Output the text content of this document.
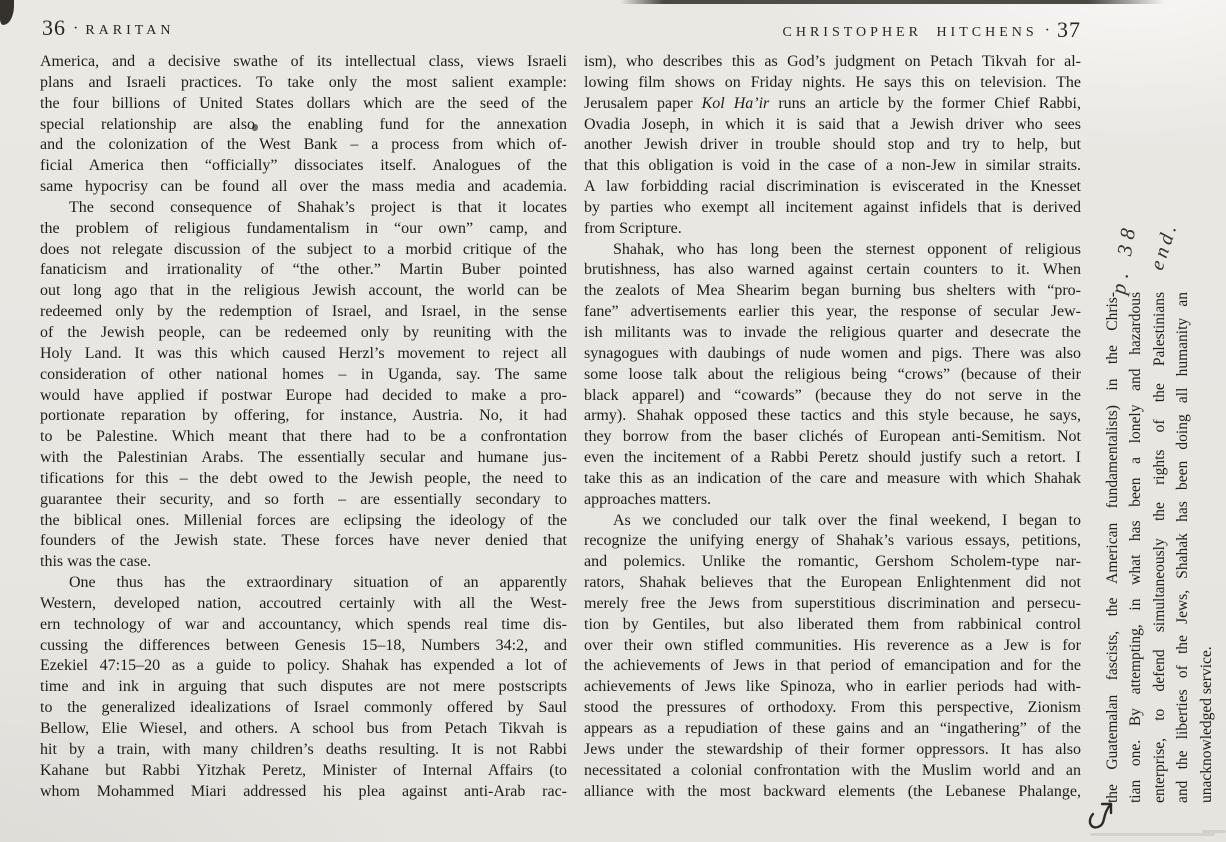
36 · RARITAN	CHRISTOPHER HITCHENS · 37
America, and a decisive swathe of its intellectual class, views Israeli
plans and Israeli practices. To take only the most salient example:
the four billions of United States dollars which are the seed of the
special relationship are also the enabling fund for the annexation
and the colonization of the West Bank – a process from which of-
ficial America then “officially” dissociates itself. Analogues of the
same hypocrisy can be found all over the mass media and academia.
The second consequence of Shahak’s project is that it locates
the problem of religious fundamentalism in “our own” camp, and
does not relegate discussion of the subject to a morbid critique of the
fanaticism and irrationality of “the other.” Martin Buber pointed
out long ago that in the religious Jewish account, the world can be
redeemed only by the redemption of Israel, and Israel, in the sense
of the Jewish people, can be redeemed only by reuniting with the
Holy Land. It was this which caused Herzl’s movement to reject all
consideration of other national homes – in Uganda, say. The same
would have applied if postwar Europe had decided to make a pro-
portionate reparation by offering, for instance, Austria. No, it had
to be Palestine. Which meant that there had to be a confrontation
with the Palestinian Arabs. The essentially secular and humane jus-
tifications for this – the debt owed to the Jewish people, the need to
guarantee their security, and so forth – are essentially secondary to
the biblical ones. Millenial forces are eclipsing the ideology of the
founders of the Jewish state. These forces have never denied that
this was the case.
One thus has the extraordinary situation of an apparently
Western, developed nation, accoutred certainly with all the West-
ern technology of war and accountancy, which spends real time dis-
cussing the differences between Genesis 15–18, Numbers 34:2, and
Ezekiel 47:15–20 as a guide to policy. Shahak has expended a lot of
time and ink in arguing that such disputes are not mere postscripts
to the generalized idealizations of Israel commonly offered by Saul
Bellow, Elie Wiesel, and others. A school bus from Petach Tikvah is
hit by a train, with many children’s deaths resulting. It is not Rabbi
Kahane but Rabbi Yitzhak Peretz, Minister of Internal Affairs (to
whom Mohammed Miari addressed his plea against anti-Arab rac-
ism), who describes this as God’s judgment on Petach Tikvah for al-
lowing film shows on Friday nights. He says this on television. The
Jerusalem paper Kol Ha’ir runs an article by the former Chief Rabbi,
Ovadia Joseph, in which it is said that a Jewish driver who sees
another Jewish driver in trouble should stop and try to help, but
that this obligation is void in the case of a non-Jew in similar straits.
A law forbidding racial discrimination is eviscerated in the Knesset
by parties who exempt all incitement against infidels that is derived
from Scripture.
Shahak, who has long been the sternest opponent of religious
brutishness, has also warned against certain counters to it. When
the zealots of Mea Shearim began burning bus shelters with “pro-
fane” advertisements earlier this year, the response of secular Jew-
ish militants was to invade the religious quarter and desecrate the
synagogues with daubings of nude women and pigs. There was also
some loose talk about the religious being “crows” (because of their
black apparel) and “cowards” (because they do not serve in the
army). Shahak opposed these tactics and this style because, he says,
they borrow from the baser clichés of European anti-Semitism. Not
even the incitement of a Rabbi Peretz should justify such a retort. I
take this as an indication of the care and measure with which Shahak
approaches matters.
As we concluded our talk over the final weekend, I began to
recognize the unifying energy of Shahak’s various essays, petitions,
and polemics. Unlike the romantic, Gershom Scholem-type nar-
rators, Shahak believes that the European Enlightenment did not
merely free the Jews from superstitious discrimination and persecu-
tion by Gentiles, but also liberated them from rabbinical control
over their own stifled communities. His reverence as a Jew is for
the achievements of Jews in that period of emancipation and for the
achievements of Jews like Spinoza, who in earlier periods had with-
stood the pressures of orthodoxy. From this perspective, Zionism
appears as a repudiation of these gains and an “ingathering” of the
Jews under the stewardship of their former oppressors. It has also
necessitated a colonial confrontation with the Muslim world and an
alliance with the most backward elements (the Lebanese Phalange, the Guatemalan fascists, the American fundamentalists) in the Chris- tian one. By attempting, in what has been a lonely and hazardous enterprise, to defend simultaneously the rights of the Palestinians and the liberties of the Jews, Shahak has been doing all humanity an unacknowledged service.
p. 38 end.
